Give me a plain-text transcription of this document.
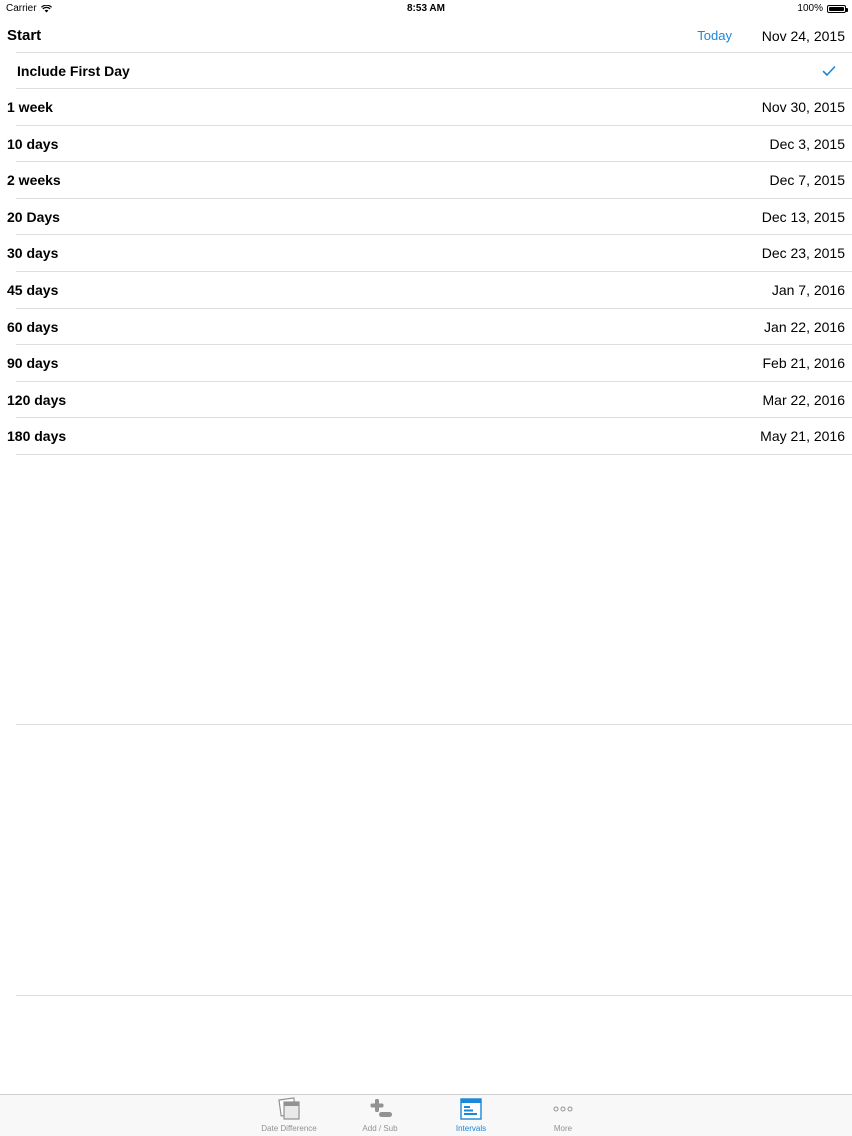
Carrier	8:53 AM	100%
Start	Today Nov 24, 2015
Include First Day
1 week	Nov 30, 2015
10 days	Dec 3, 2015
2 weeks	Dec 7, 2015
20 Days	Dec 13, 2015
30 days	Dec 23, 2015
45 days	Jan 7, 2016
60 days	Jan 22, 2016
90 days	Feb 21, 2016
120 days	Mar 22, 2016
180 days	May 21, 2016
Date Difference	Add / Sub	Intervals	More
